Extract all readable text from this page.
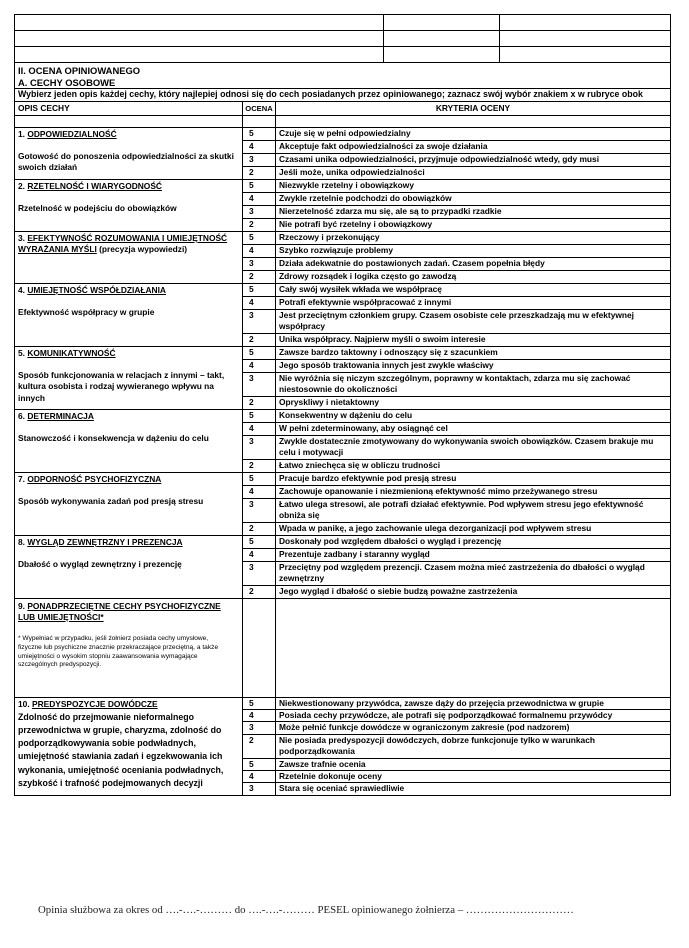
II. OCENA OPINIOWANEGO
A. CECHY OSOBOWE		

Wybierz jeden opis każdej cechy, który najlepiej odnosi się do cech posiadanych przez opiniowanego; zaznacz swój wybór znakiem x w rubryce obok		
OPIS CECHY	OCENA	KRYTERIA OCENY

1. ODPOWIEDZIALNOŚĆ
Gotowość do ponoszenia odpowiedzialności za skutki swoich działań	5	Czuje się w pełni odpowiedzialny
	4	Akceptuje fakt odpowiedzialności za swoje działania
	3	Czasami unika odpowiedzialności, przyjmuje odpowiedzialność wtedy, gdy musi
	2	Jeśli może, unika odpowiedzialności

2. RZETELNOŚĆ I WIARYGODNOŚĆ
Rzetelność w podejściu do obowiązków	5	Niezwykle rzetelny i obowiązkowy
	4	Zwykle rzetelnie podchodzi do obowiązków
	3	Nierzetelność zdarza mu się, ale są to przypadki rzadkie
	2	Nie potrafi być rzetelny i obowiązkowy

3. EFEKTYWNOŚĆ ROZUMOWANIA I UMIEJĘTNOŚĆ WYRAŻANIA MYŚLI (precyzja wypowiedzi)	5	Rzeczowy i przekonujący
	4	Szybko rozwiązuje problemy
	3	Działa adekwatnie do postawionych zadań. Czasem popełnia błędy
	2	Zdrowy rozsądek i logika często go zawodzą

4. UMIEJĘTNOŚĆ WSPÓŁDZIAŁANIA
Efektywność współpracy w grupie	5	Cały swój wysiłek wkłada we współpracę
	4	Potrafi efektywnie współpracować z innymi
	3	Jest przeciętnym członkiem grupy. Czasem osobiste cele przeszkadzają mu w efektywnej współpracy
	2	Unika współpracy. Najpierw myśli o swoim interesie

5. KOMUNIKATYWNOŚĆ
Sposób funkcjonowania w relacjach z innymi – takt, kultura osobista i rodzaj wywieranego wpływu na innych	5	Zawsze bardzo taktowny i odnoszący się z szacunkiem
	4	Jego sposób traktowania innych jest zwykle właściwy
	3	Nie wyróżnia się niczym szczególnym, poprawny w kontaktach, zdarza mu się zachować niestosownie do okoliczności
	2	Opryskliwy i nietaktowny

6. DETERMINACJA
Stanowczość i konsekwencja w dążeniu do celu	5	Konsekwentny w dążeniu do celu
	4	W pełni zdeterminowany, aby osiągnąć cel
	3	Zwykle dostatecznie zmotywowany do wykonywania swoich obowiązków. Czasem brakuje mu celu i motywacji
	2	Łatwo zniechęca się w obliczu trudności

7. ODPORNOŚĆ PSYCHOFIZYCZNA
Sposób wykonywania zadań pod presją stresu	5	Pracuje bardzo efektywnie pod presją stresu
	4	Zachowuje opanowanie i niezmienioną efektywność mimo przeżywanego stresu
	3	Łatwo ulega stresowi, ale potrafi działać efektywnie. Pod wpływem stresu jego efektywność obniża się
	2	Wpada w panikę, a jego zachowanie ulega dezorganizacji pod wpływem stresu

8. WYGLĄD ZEWNĘTRZNY I PREZENCJA
Dbałość o wygląd zewnętrzny i prezencję	5	Doskonały pod względem dbałości o wygląd i prezencję
	4	Prezentuje zadbany i staranny wygląd
	3	Przeciętny pod względem prezencji. Czasem można mieć zastrzeżenia do dbałości o wygląd zewnętrzny
	2	Jego wygląd i dbałość o siebie budzą poważne zastrzeżenia

9. PONADPRZECIĘTNE CECHY PSYCHOFIZYCZNE LUB UMIEJĘTNOŚCI*
* Wypełniać w przypadku, jeśli żołnierz posiada cechy umysłowe, fizyczne lub psychiczne znacznie przekraczające przeciętną, a także umiejętności o wysokim stopniu zaawansowania wymagające szczególnych predyspozycji.		

10. PREDYSPOZYCJE DOWÓDCZE
Zdolność do przejmowanie nieformalnego przewodnictwa w grupie, charyzma, zdolność do podporządkowywania sobie podwładnych, umiejętność stawiania zadań i egzekwowania ich wykonania, umiejętność oceniania podwładnych, szybkość i trafność podejmowanych decyzji	5	Niekwestionowany przywódca, zawsze dąży do przejęcia przewodnictwa w grupie
	4	Posiada cechy przywódcze, ale potrafi się podporządkować formalnemu przywódcy
	3	Może pełnić funkcje dowódcze w ograniczonym zakresie (pod nadzorem)
	2	Nie posiada predyspozycji dowódczych, dobrze funkcjonuje tylko w warunkach podporządkowania
	5	Zawsze trafnie ocenia
	4	Rzetelnie dokonuje oceny
	3	Stara się oceniać sprawiedliwie
Opinia służbowa za okres od ….-….-……… do ….-….-……… PESEL opiniowanego żołnierza – …………………………
